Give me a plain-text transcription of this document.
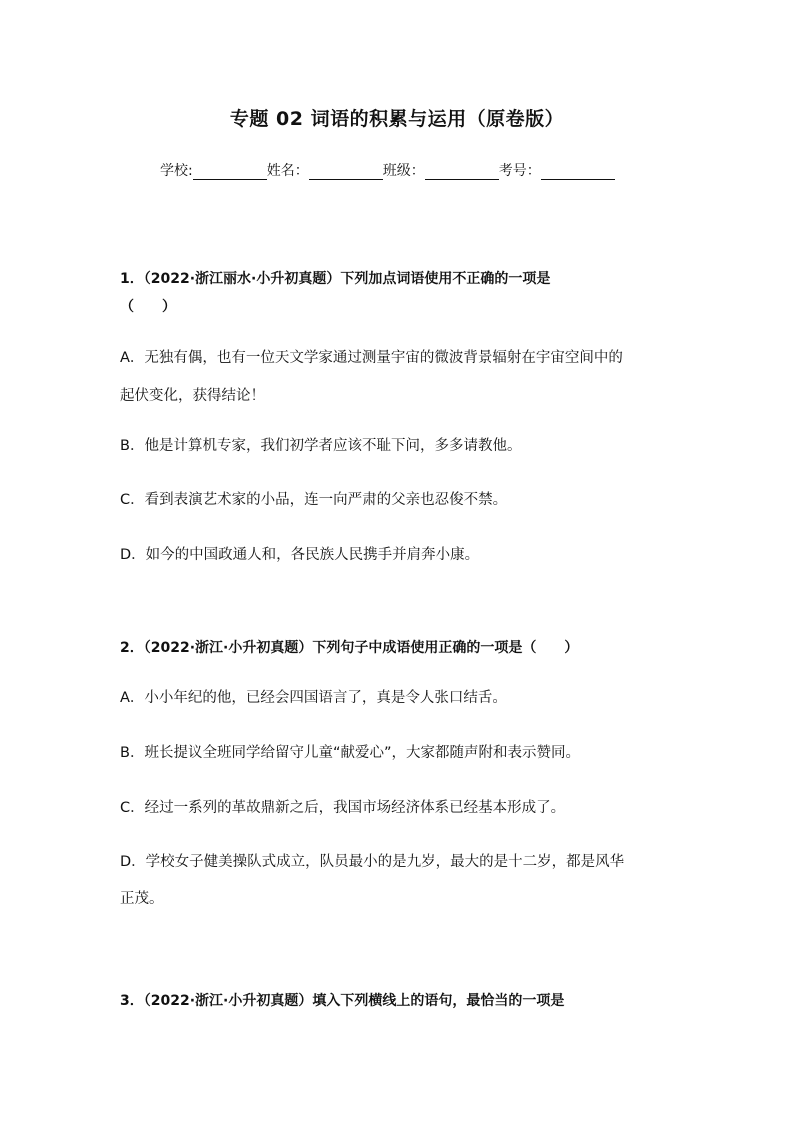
专题 02 词语的积累与运用（原卷版）
学校:	姓名：	班级：	考号：
1．（2022·浙江丽水·小升初真题）下列加点词语使用不正确的一项是
（　　）
A．无独有偶，也有一位天文学家通过测量宇宙的微波背景辐射在宇宙空间中的
起伏变化，获得结论！
B．他是计算机专家，我们初学者应该不耻下问，多多请教他。
C．看到表演艺术家的小品，连一向严肃的父亲也忍俊不禁。
D．如今的中国政通人和，各民族人民携手并肩奔小康。
2．（2022·浙江·小升初真题）下列句子中成语使用正确的一项是（　　）
A．小小年纪的他，已经会四国语言了，真是令人张口结舌。
B．班长提议全班同学给留守儿童“献爱心”，大家都随声附和表示赞同。
C．经过一系列的革故鼎新之后，我国市场经济体系已经基本形成了。
D．学校女子健美操队式成立，队员最小的是九岁，最大的是十二岁，都是风华
正茂。
3．（2022·浙江·小升初真题）填入下列横线上的语句，最恰当的一项是
